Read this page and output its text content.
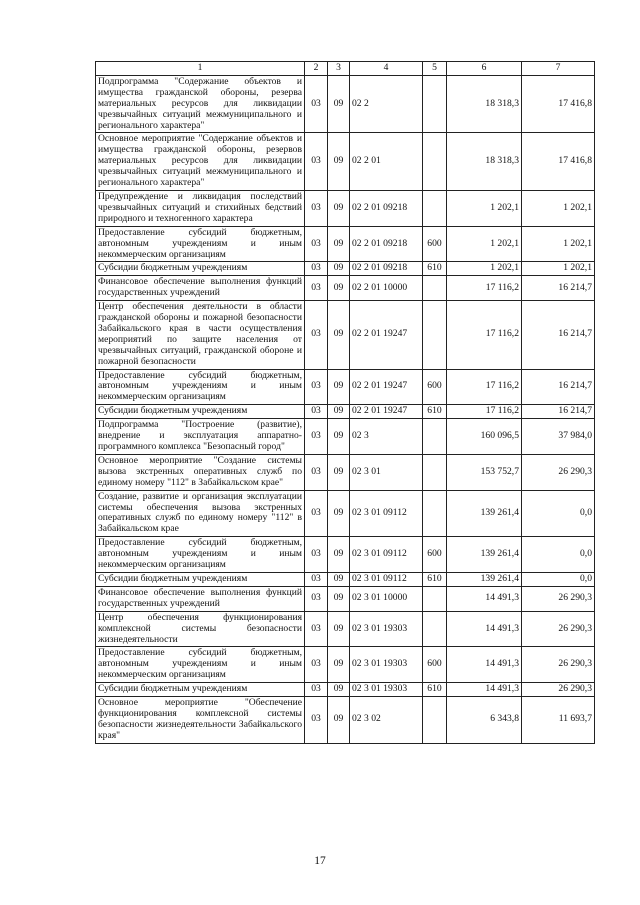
1	2	3	4	5	6	7
Подпрограмма "Содержание объектов и имущества гражданской обороны, резерва материальных ресурсов для ликвидации чрезвычайных ситуаций межмуниципального и регионального характера"	03	09	02 2		18 318,3	17 416,8
Основное мероприятие "Содержание объектов и имущества гражданской обороны, резервов материальных ресурсов для ликвидации чрезвычайных ситуаций межмуниципального и регионального характера"	03	09	02 2 01		18 318,3	17 416,8
Предупреждение и ликвидация последствий чрезвычайных ситуаций и стихийных бедствий природного и техногенного характера	03	09	02 2 01 09218		1 202,1	1 202,1
Предоставление субсидий бюджетным, автономным учреждениям и иным некоммерческим организациям	03	09	02 2 01 09218	600	1 202,1	1 202,1
Субсидии бюджетным учреждениям	03	09	02 2 01 09218	610	1 202,1	1 202,1
Финансовое обеспечение выполнения функций государственных учреждений	03	09	02 2 01 10000		17 116,2	16 214,7
Центр обеспечения деятельности в области гражданской обороны и пожарной безопасности Забайкальского края в части осуществления мероприятий по защите населения от чрезвычайных ситуаций, гражданской обороне и пожарной безопасности	03	09	02 2 01 19247		17 116,2	16 214,7
Предоставление субсидий бюджетным, автономным учреждениям и иным некоммерческим организациям	03	09	02 2 01 19247	600	17 116,2	16 214,7
Субсидии бюджетным учреждениям	03	09	02 2 01 19247	610	17 116,2	16 214,7
Подпрограмма "Построение (развитие), внедрение и эксплуатация аппаратно-программного комплекса "Безопасный город"	03	09	02 3		160 096,5	37 984,0
Основное мероприятие "Создание системы вызова экстренных оперативных служб по единому номеру "112" в Забайкальском крае"	03	09	02 3 01		153 752,7	26 290,3
Создание, развитие и организация эксплуатации системы обеспечения вызова экстренных оперативных служб по единому номеру "112" в Забайкальском крае	03	09	02 3 01 09112		139 261,4	0,0
Предоставление субсидий бюджетным, автономным учреждениям и иным некоммерческим организациям	03	09	02 3 01 09112	600	139 261,4	0,0
Субсидии бюджетным учреждениям	03	09	02 3 01 09112	610	139 261,4	0,0
Финансовое обеспечение выполнения функций государственных учреждений	03	09	02 3 01 10000		14 491,3	26 290,3
Центр обеспечения функционирования комплексной системы безопасности жизнедеятельности	03	09	02 3 01 19303		14 491,3	26 290,3
Предоставление субсидий бюджетным, автономным учреждениям и иным некоммерческим организациям	03	09	02 3 01 19303	600	14 491,3	26 290,3
Субсидии бюджетным учреждениям	03	09	02 3 01 19303	610	14 491,3	26 290,3
Основное мероприятие "Обеспечение функционирования комплексной системы безопасности жизнедеятельности Забайкальского края"	03	09	02 3 02		6 343,8	11 693,7
17
